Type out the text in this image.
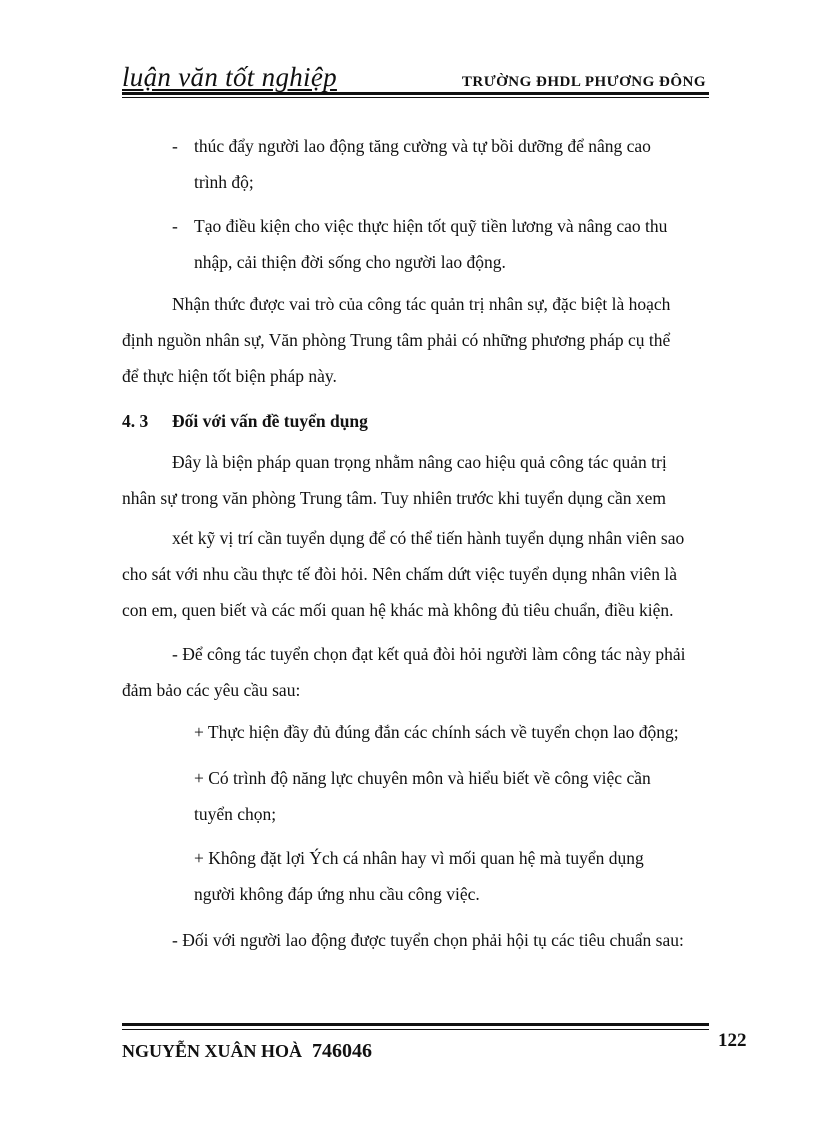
luận văn tốt nghiệp	TRƯỜNG ĐHDL PHƯƠNG ĐÔNG
- thúc đẩy người lao động tăng cường và tự bồi dưỡng để nâng cao
trình độ;
- Tạo điều kiện cho việc thực hiện tốt quỹ tiền lương và nâng cao thu
nhập, cải thiện đời sống cho người lao động.
Nhận thức được vai trò của công tác quản trị nhân sự, đặc biệt là hoạch
định nguồn nhân sự, Văn phòng Trung tâm phải có những phương pháp cụ thể
để thực hiện tốt biện pháp này.
4. 3 Đối với vấn đề tuyển dụng
Đây là biện pháp quan trọng nhằm nâng cao hiệu quả công tác quản trị
nhân sự trong văn phòng Trung tâm. Tuy nhiên trước khi tuyển dụng cần xem
xét kỹ vị trí cần tuyển dụng để có thể tiến hành tuyển dụng nhân viên sao
cho sát với nhu cầu thực tế đòi hỏi. Nên chấm dứt việc tuyển dụng nhân viên là
con em, quen biết và các mối quan hệ khác mà không đủ tiêu chuẩn, điều kiện.
- Để công tác tuyển chọn đạt kết quả đòi hỏi người làm công tác này phải
đảm bảo các yêu cầu sau:
+ Thực hiện đầy đủ đúng đắn các chính sách về tuyển chọn lao động;
+ Có trình độ năng lực chuyên môn và hiểu biết về công việc cần
tuyển chọn;
+ Không đặt lợi Ých cá nhân hay vì mối quan hệ mà tuyển dụng
người không đáp ứng nhu cầu công việc.
- Đối với người lao động được tuyển chọn phải hội tụ các tiêu chuẩn sau:
NGUYỄN XUÂN HOÀ 746046	122
